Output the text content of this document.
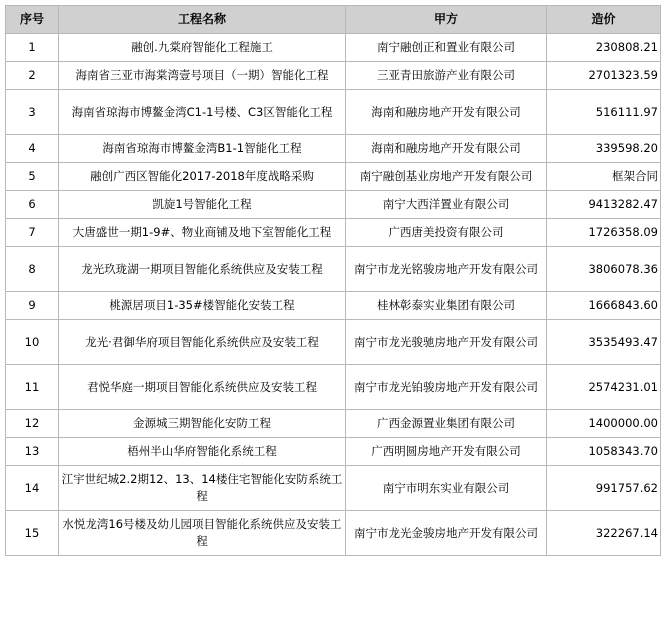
序号	工程名称	甲方	造价
1	融创.九棠府智能化工程施工	南宁融创正和置业有限公司	230808.21
2	海南省三亚市海棠湾壹号项目（一期）智能化工程	三亚青田旅游产业有限公司	2701323.59
3	海南省琼海市博鳌金湾C1-1号楼、C3区智能化工程	海南和融房地产开发有限公司	516111.97
4	海南省琼海市博鳌金湾B1-1智能化工程	海南和融房地产开发有限公司	339598.20
5	融创广西区智能化2017-2018年度战略采购	南宁融创基业房地产开发有限公司	框架合同
6	凯旋1号智能化工程	南宁大西洋置业有限公司	9413282.47
7	大唐盛世一期1-9#、物业商铺及地下室智能化工程	广西唐美投资有限公司	1726358.09
8	龙光玖珑湖一期项目智能化系统供应及安装工程	南宁市龙光铭骏房地产开发有限公司	3806078.36
9	桃源居项目1-35#楼智能化安装工程	桂林彰泰实业集团有限公司	1666843.60
10	龙光·君御华府项目智能化系统供应及安装工程	南宁市龙光骏驰房地产开发有限公司	3535493.47
11	君悦华庭一期项目智能化系统供应及安装工程	南宁市龙光铂骏房地产开发有限公司	2574231.01
12	金源城三期智能化安防工程	广西金源置业集团有限公司	1400000.00
13	梧州半山华府智能化系统工程	广西明圆房地产开发有限公司	1058343.70
14	江宇世纪城2.2期12、13、14楼住宅智能化安防系统工程	南宁市明东实业有限公司	991757.62
15	水悦龙湾16号楼及幼儿园项目智能化系统供应及安装工程	南宁市龙光金骏房地产开发有限公司	322267.14
